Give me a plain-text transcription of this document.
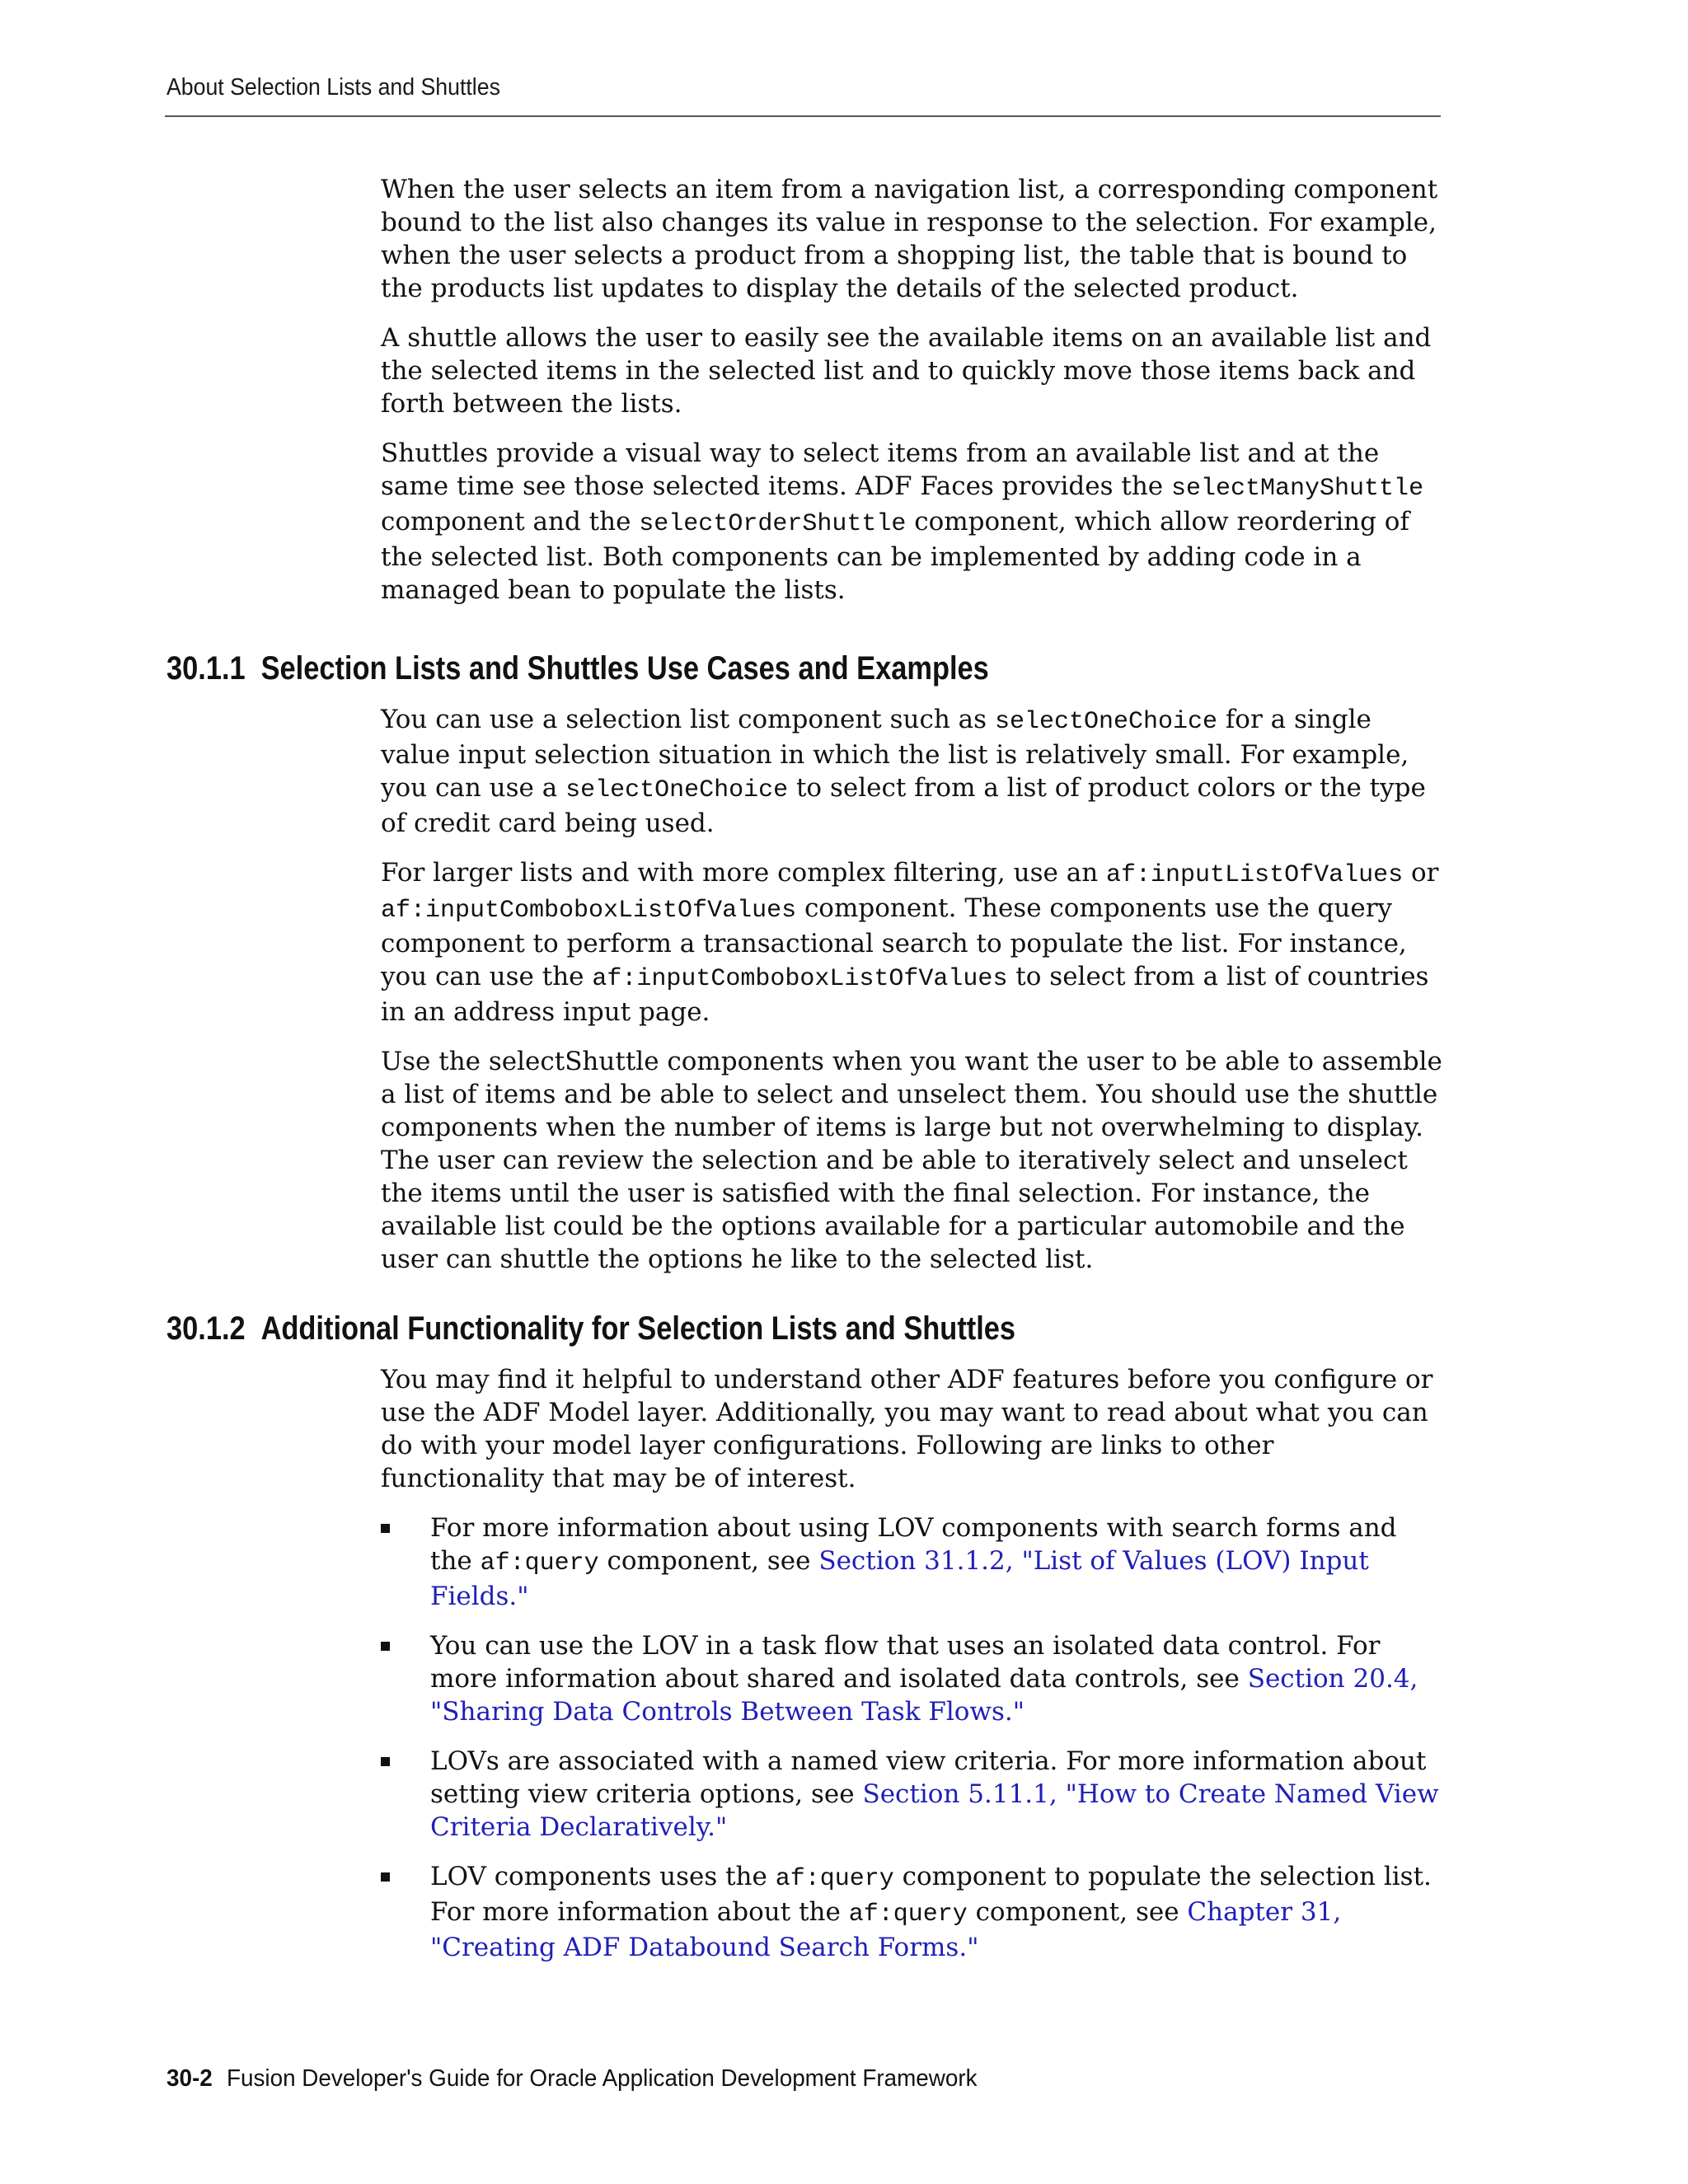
About Selection Lists and Shuttles

When the user selects an item from a navigation list, a corresponding component bound to the list also changes its value in response to the selection. For example, when the user selects a product from a shopping list, the table that is bound to the products list updates to display the details of the selected product.

A shuttle allows the user to easily see the available items on an available list and the selected items in the selected list and to quickly move those items back and forth between the lists.

Shuttles provide a visual way to select items from an available list and at the same time see those selected items. ADF Faces provides the selectManyShuttle component and the selectOrderShuttle component, which allow reordering of the selected list. Both components can be implemented by adding code in a managed bean to populate the lists.

30.1.1 Selection Lists and Shuttles Use Cases and Examples

You can use a selection list component such as selectOneChoice for a single value input selection situation in which the list is relatively small. For example, you can use a selectOneChoice to select from a list of product colors or the type of credit card being used.

For larger lists and with more complex filtering, use an af:inputListOfValues or af:inputComboboxListOfValues component. These components use the query component to perform a transactional search to populate the list. For instance, you can use the af:inputComboboxListOfValues to select from a list of countries in an address input page.

Use the selectShuttle components when you want the user to be able to assemble a list of items and be able to select and unselect them. You should use the shuttle components when the number of items is large but not overwhelming to display. The user can review the selection and be able to iteratively select and unselect the items until the user is satisfied with the final selection. For instance, the available list could be the options available for a particular automobile and the user can shuttle the options he like to the selected list.

30.1.2 Additional Functionality for Selection Lists and Shuttles

You may find it helpful to understand other ADF features before you configure or use the ADF Model layer. Additionally, you may want to read about what you can do with your model layer configurations. Following are links to other functionality that may be of interest.

For more information about using LOV components with search forms and the af:query component, see Section 31.1.2, "List of Values (LOV) Input Fields."
You can use the LOV in a task flow that uses an isolated data control. For more information about shared and isolated data controls, see Section 20.4, "Sharing Data Controls Between Task Flows."
LOVs are associated with a named view criteria. For more information about setting view criteria options, see Section 5.11.1, "How to Create Named View Criteria Declaratively."
LOV components uses the af:query component to populate the selection list. For more information about the af:query component, see Chapter 31, "Creating ADF Databound Search Forms."
30-2 Fusion Developer's Guide for Oracle Application Development Framework
